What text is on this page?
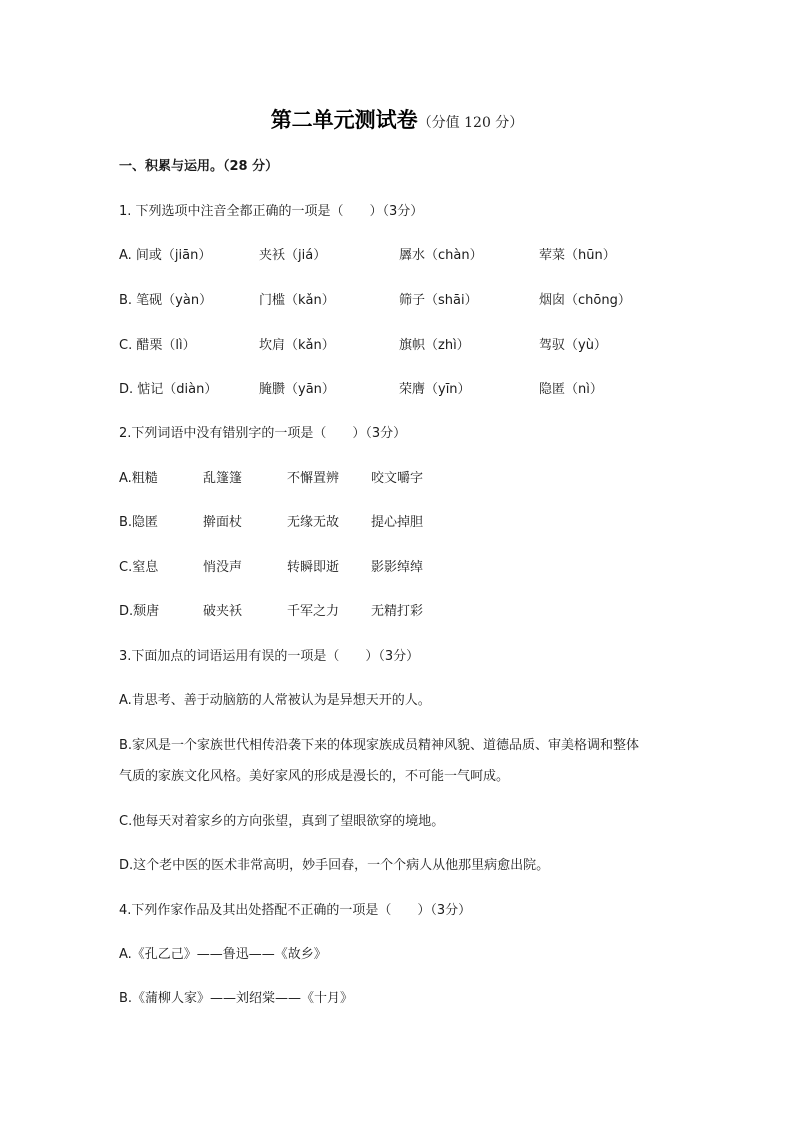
第二单元测试卷（分值 120 分）
一、积累与运用。（28 分）
1. 下列选项中注音全都正确的一项是（　　）（3分）
A. 间或（jiān）	夹袄（jiá）	羼水（chàn）	荤菜（hūn）
B. 笔砚（yàn）	门槛（kǎn）	筛子（shāi）	烟囱（chōng）
C. 醋栗（lì）	坎肩（kǎn）	旗帜（zhì）	驾驭（yù）
D. 惦记（diàn）	腌臜（yān）	荣膺（yīn）	隐匿（nì）
2.下列词语中没有错别字的一项是（　　）（3分）
A.粗糙	乱篷篷	不懈置辨 咬文嚼字
B.隐匿	擀面杖	无缘无故 提心掉胆
C.窒息	悄没声	转瞬即逝 影影绰绰
D.颓唐	破夹袄	千军之力 无精打彩
3.下面加点的词语运用有误的一项是（　　）（3分）
A.肯思考、善于动脑筋的人常被认为是异想天开的人。
B.家风是一个家族世代相传沿袭下来的体现家族成员精神风貌、道德品质、审美格调和整体
气质的家族文化风格。美好家风的形成是漫长的，不可能一气呵成。
C.他每天对着家乡的方向张望，真到了望眼欲穿的境地。
D.这个老中医的医术非常高明，妙手回春，一个个病人从他那里病愈出院。
4.下列作家作品及其出处搭配不正确的一项是（　　）（3分）
A.《孔乙己》——鲁迅——《故乡》
B.《蒲柳人家》——刘绍棠——《十月》
